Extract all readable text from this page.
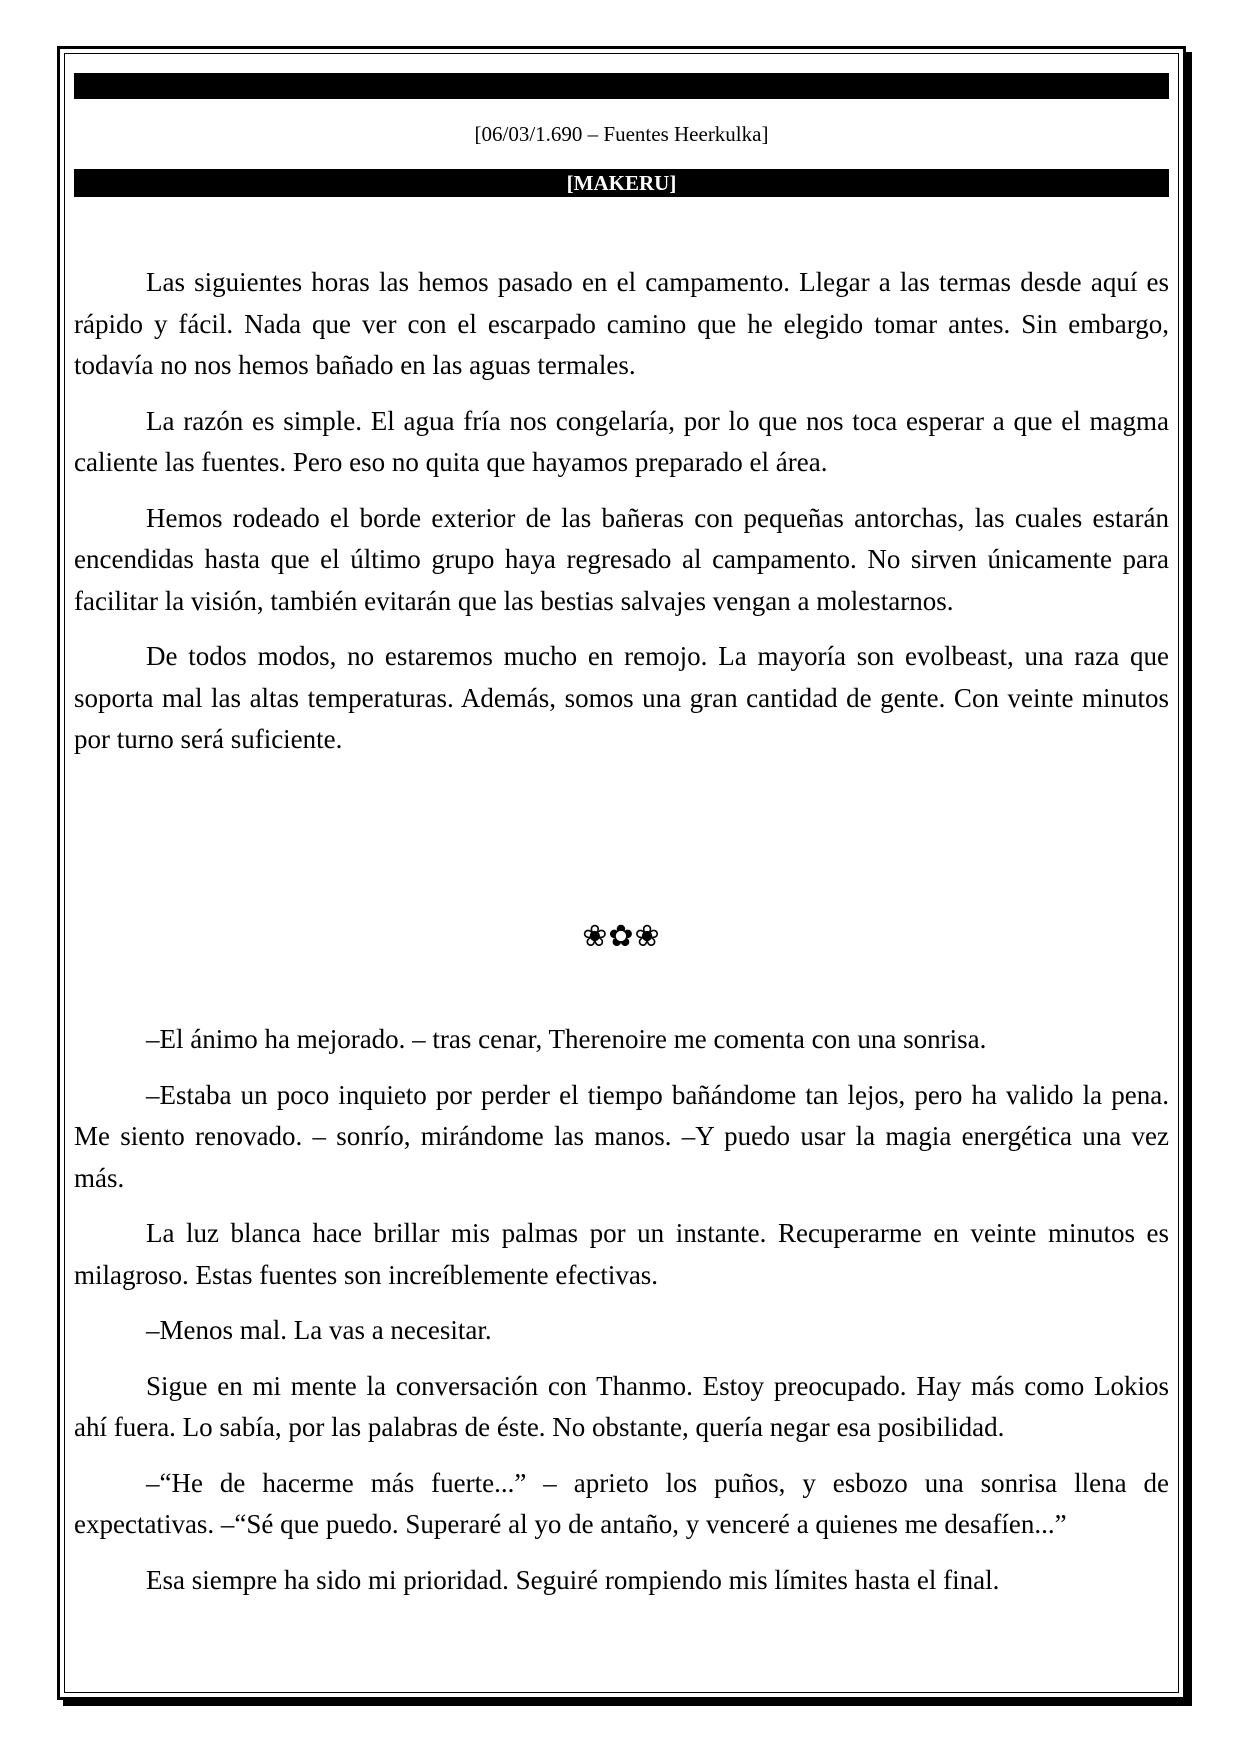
[06/03/1.690 – Fuentes Heerkulka]
[MAKERU]

Las siguientes horas las hemos pasado en el campamento. Llegar a las termas desde aquí es rápido y fácil. Nada que ver con el escarpado camino que he elegido tomar antes. Sin embargo, todavía no nos hemos bañado en las aguas termales.

La razón es simple. El agua fría nos congelaría, por lo que nos toca esperar a que el magma caliente las fuentes. Pero eso no quita que hayamos preparado el área.

Hemos rodeado el borde exterior de las bañeras con pequeñas antorchas, las cuales estarán encendidas hasta que el último grupo haya regresado al campamento. No sirven únicamente para facilitar la visión, también evitarán que las bestias salvajes vengan a molestarnos.

De todos modos, no estaremos mucho en remojo. La mayoría son evolbeast, una raza que soporta mal las altas temperaturas. Además, somos una gran cantidad de gente. Con veinte minutos por turno será suficiente.

❀✿❀

–El ánimo ha mejorado. – tras cenar, Therenoire me comenta con una sonrisa.

–Estaba un poco inquieto por perder el tiempo bañándome tan lejos, pero ha valido la pena. Me siento renovado. – sonrío, mirándome las manos. –Y puedo usar la magia energética una vez más.

La luz blanca hace brillar mis palmas por un instante. Recuperarme en veinte minutos es milagroso. Estas fuentes son increíblemente efectivas.

–Menos mal. La vas a necesitar.

Sigue en mi mente la conversación con Thanmo. Estoy preocupado. Hay más como Lokios ahí fuera. Lo sabía, por las palabras de éste. No obstante, quería negar esa posibilidad.

–“He de hacerme más fuerte...” – aprieto los puños, y esbozo una sonrisa llena de expectativas. –“Sé que puedo. Superaré al yo de antaño, y venceré a quienes me desafíen...”

Esa siempre ha sido mi prioridad. Seguiré rompiendo mis límites hasta el final.
